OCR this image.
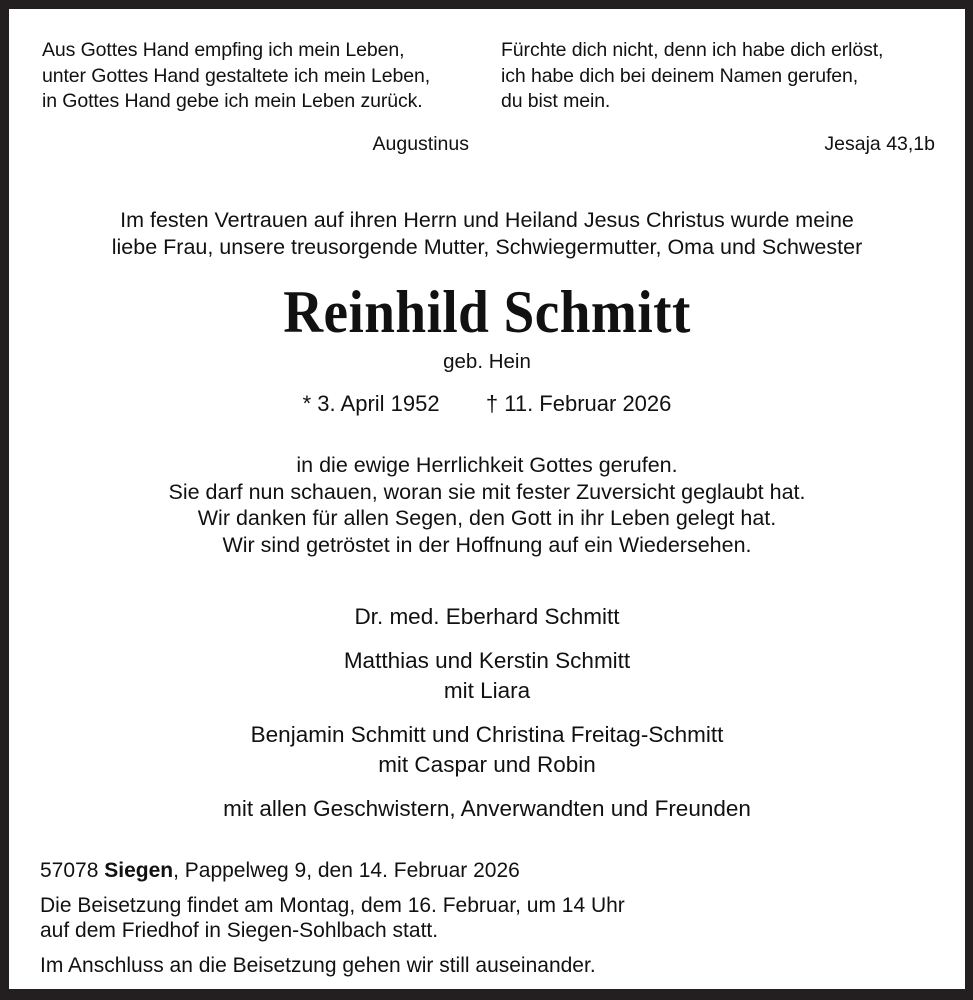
Aus Gottes Hand empfing ich mein Leben,
unter Gottes Hand gestaltete ich mein Leben,
in Gottes Hand gebe ich mein Leben zurück.
Augustinus
Fürchte dich nicht, denn ich habe dich erlöst,
ich habe dich bei deinem Namen gerufen,
du bist mein.
Jesaja 43,1b
Im festen Vertrauen auf ihren Herrn und Heiland Jesus Christus wurde meine
liebe Frau, unsere treusorgende Mutter, Schwiegermutter, Oma und Schwester
Reinhild Schmitt
geb. Hein
* 3. April 1952 † 11. Februar 2026
in die ewige Herrlichkeit Gottes gerufen.
Sie darf nun schauen, woran sie mit fester Zuversicht geglaubt hat.
Wir danken für allen Segen, den Gott in ihr Leben gelegt hat.
Wir sind getröstet in der Hoffnung auf ein Wiedersehen.
Dr. med. Eberhard Schmitt
Matthias und Kerstin Schmitt
mit Liara
Benjamin Schmitt und Christina Freitag-Schmitt
mit Caspar und Robin
mit allen Geschwistern, Anverwandten und Freunden
57078 Siegen, Pappelweg 9, den 14. Februar 2026
Die Beisetzung findet am Montag, dem 16. Februar, um 14 Uhr
auf dem Friedhof in Siegen-Sohlbach statt.
Im Anschluss an die Beisetzung gehen wir still auseinander.
